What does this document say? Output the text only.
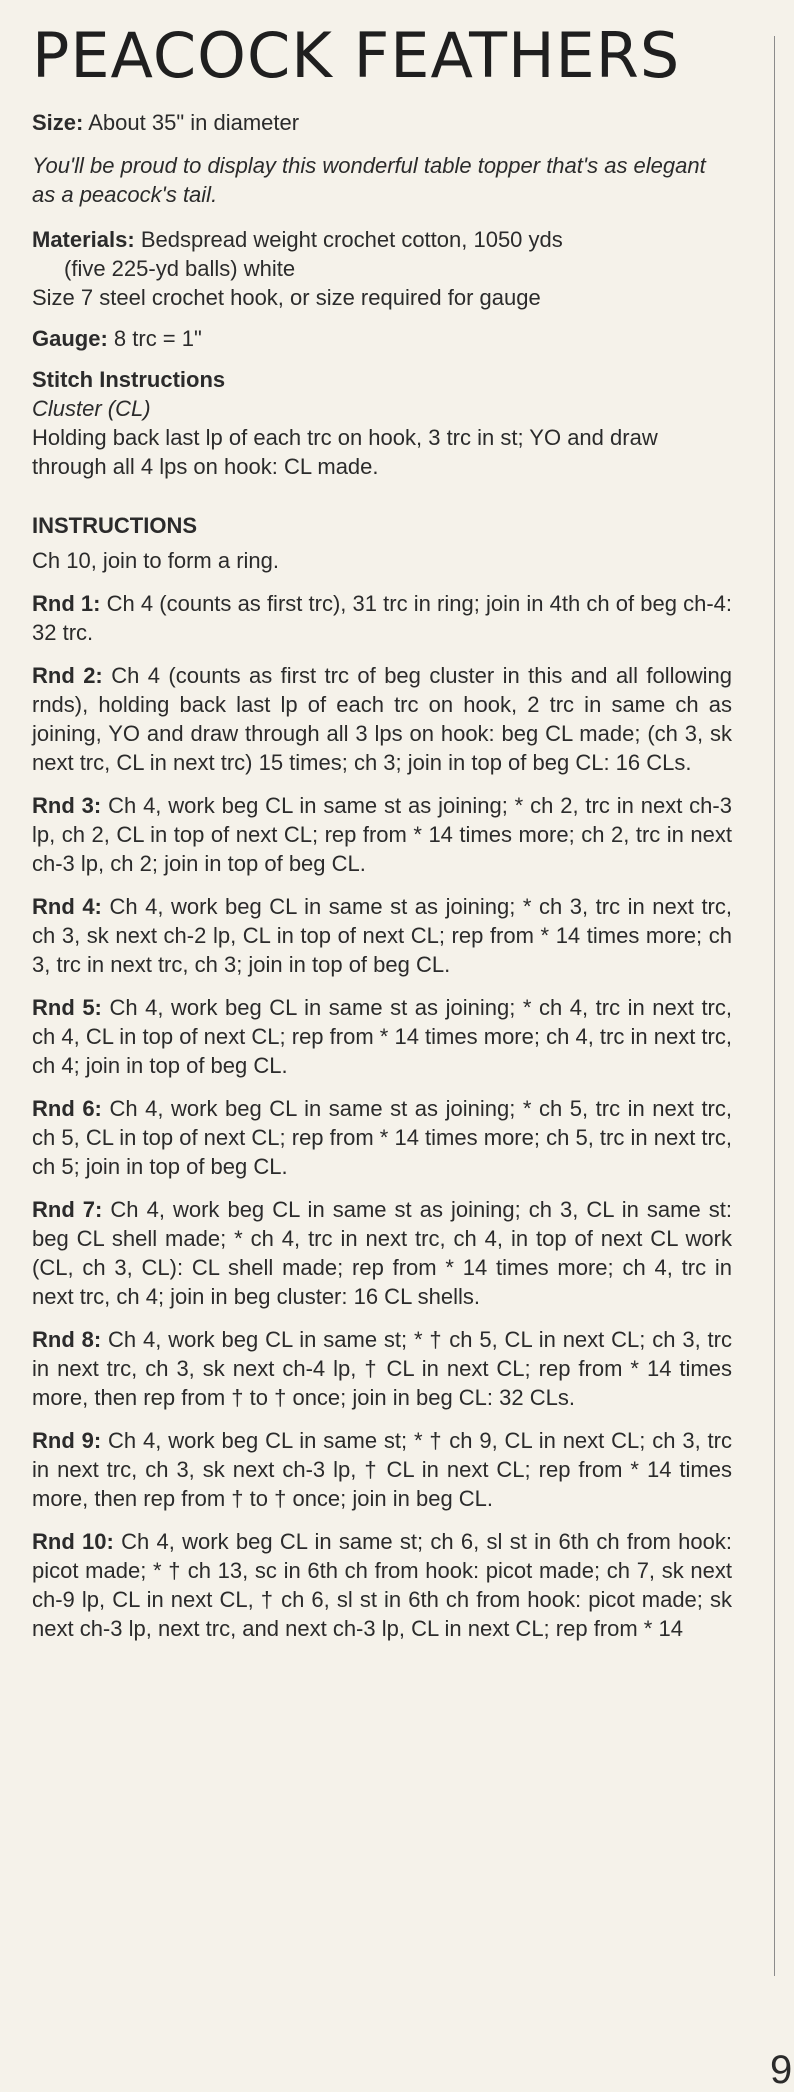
PEACOCK FEATHERS

Size: About 35" in diameter

You'll be proud to display this wonderful table topper that's as elegant as a peacock's tail.

Materials: Bedspread weight crochet cotton, 1050 yds

(five 225-yd balls) white

Size 7 steel crochet hook, or size required for gauge

Gauge: 8 trc = 1"

Stitch Instructions

Cluster (CL)

Holding back last lp of each trc on hook, 3 trc in st; YO and draw through all 4 lps on hook: CL made.

INSTRUCTIONS

Ch 10, join to form a ring.

Rnd 1: Ch 4 (counts as first trc), 31 trc in ring; join in 4th ch of beg ch-4: 32 trc.

Rnd 2: Ch 4 (counts as first trc of beg cluster in this and all following rnds), holding back last lp of each trc on hook, 2 trc in same ch as joining, YO and draw through all 3 lps on hook: beg CL made; (ch 3, sk next trc, CL in next trc) 15 times; ch 3; join in top of beg CL: 16 CLs.

Rnd 3: Ch 4, work beg CL in same st as joining; * ch 2, trc in next ch-3 lp, ch 2, CL in top of next CL; rep from * 14 times more; ch 2, trc in next ch-3 lp, ch 2; join in top of beg CL.

Rnd 4: Ch 4, work beg CL in same st as joining; * ch 3, trc in next trc, ch 3, sk next ch-2 lp, CL in top of next CL; rep from * 14 times more; ch 3, trc in next trc, ch 3; join in top of beg CL.

Rnd 5: Ch 4, work beg CL in same st as joining; * ch 4, trc in next trc, ch 4, CL in top of next CL; rep from * 14 times more; ch 4, trc in next trc, ch 4; join in top of beg CL.

Rnd 6: Ch 4, work beg CL in same st as joining; * ch 5, trc in next trc, ch 5, CL in top of next CL; rep from * 14 times more; ch 5, trc in next trc, ch 5; join in top of beg CL.

Rnd 7: Ch 4, work beg CL in same st as joining; ch 3, CL in same st: beg CL shell made; * ch 4, trc in next trc, ch 4, in top of next CL work (CL, ch 3, CL): CL shell made; rep from * 14 times more; ch 4, trc in next trc, ch 4; join in beg cluster: 16 CL shells.

Rnd 8: Ch 4, work beg CL in same st; * † ch 5, CL in next CL; ch 3, trc in next trc, ch 3, sk next ch-4 lp, † CL in next CL; rep from * 14 times more, then rep from † to † once; join in beg CL: 32 CLs.

Rnd 9: Ch 4, work beg CL in same st; * † ch 9, CL in next CL; ch 3, trc in next trc, ch 3, sk next ch-3 lp, † CL in next CL; rep from * 14 times more, then rep from † to † once; join in beg CL.

Rnd 10: Ch 4, work beg CL in same st; ch 6, sl st in 6th ch from hook: picot made; * † ch 13, sc in 6th ch from hook: picot made; ch 7, sk next ch-9 lp, CL in next CL, † ch 6, sl st in 6th ch from hook: picot made; sk next ch-3 lp, next trc, and next ch-3 lp, CL in next CL; rep from * 14

9
